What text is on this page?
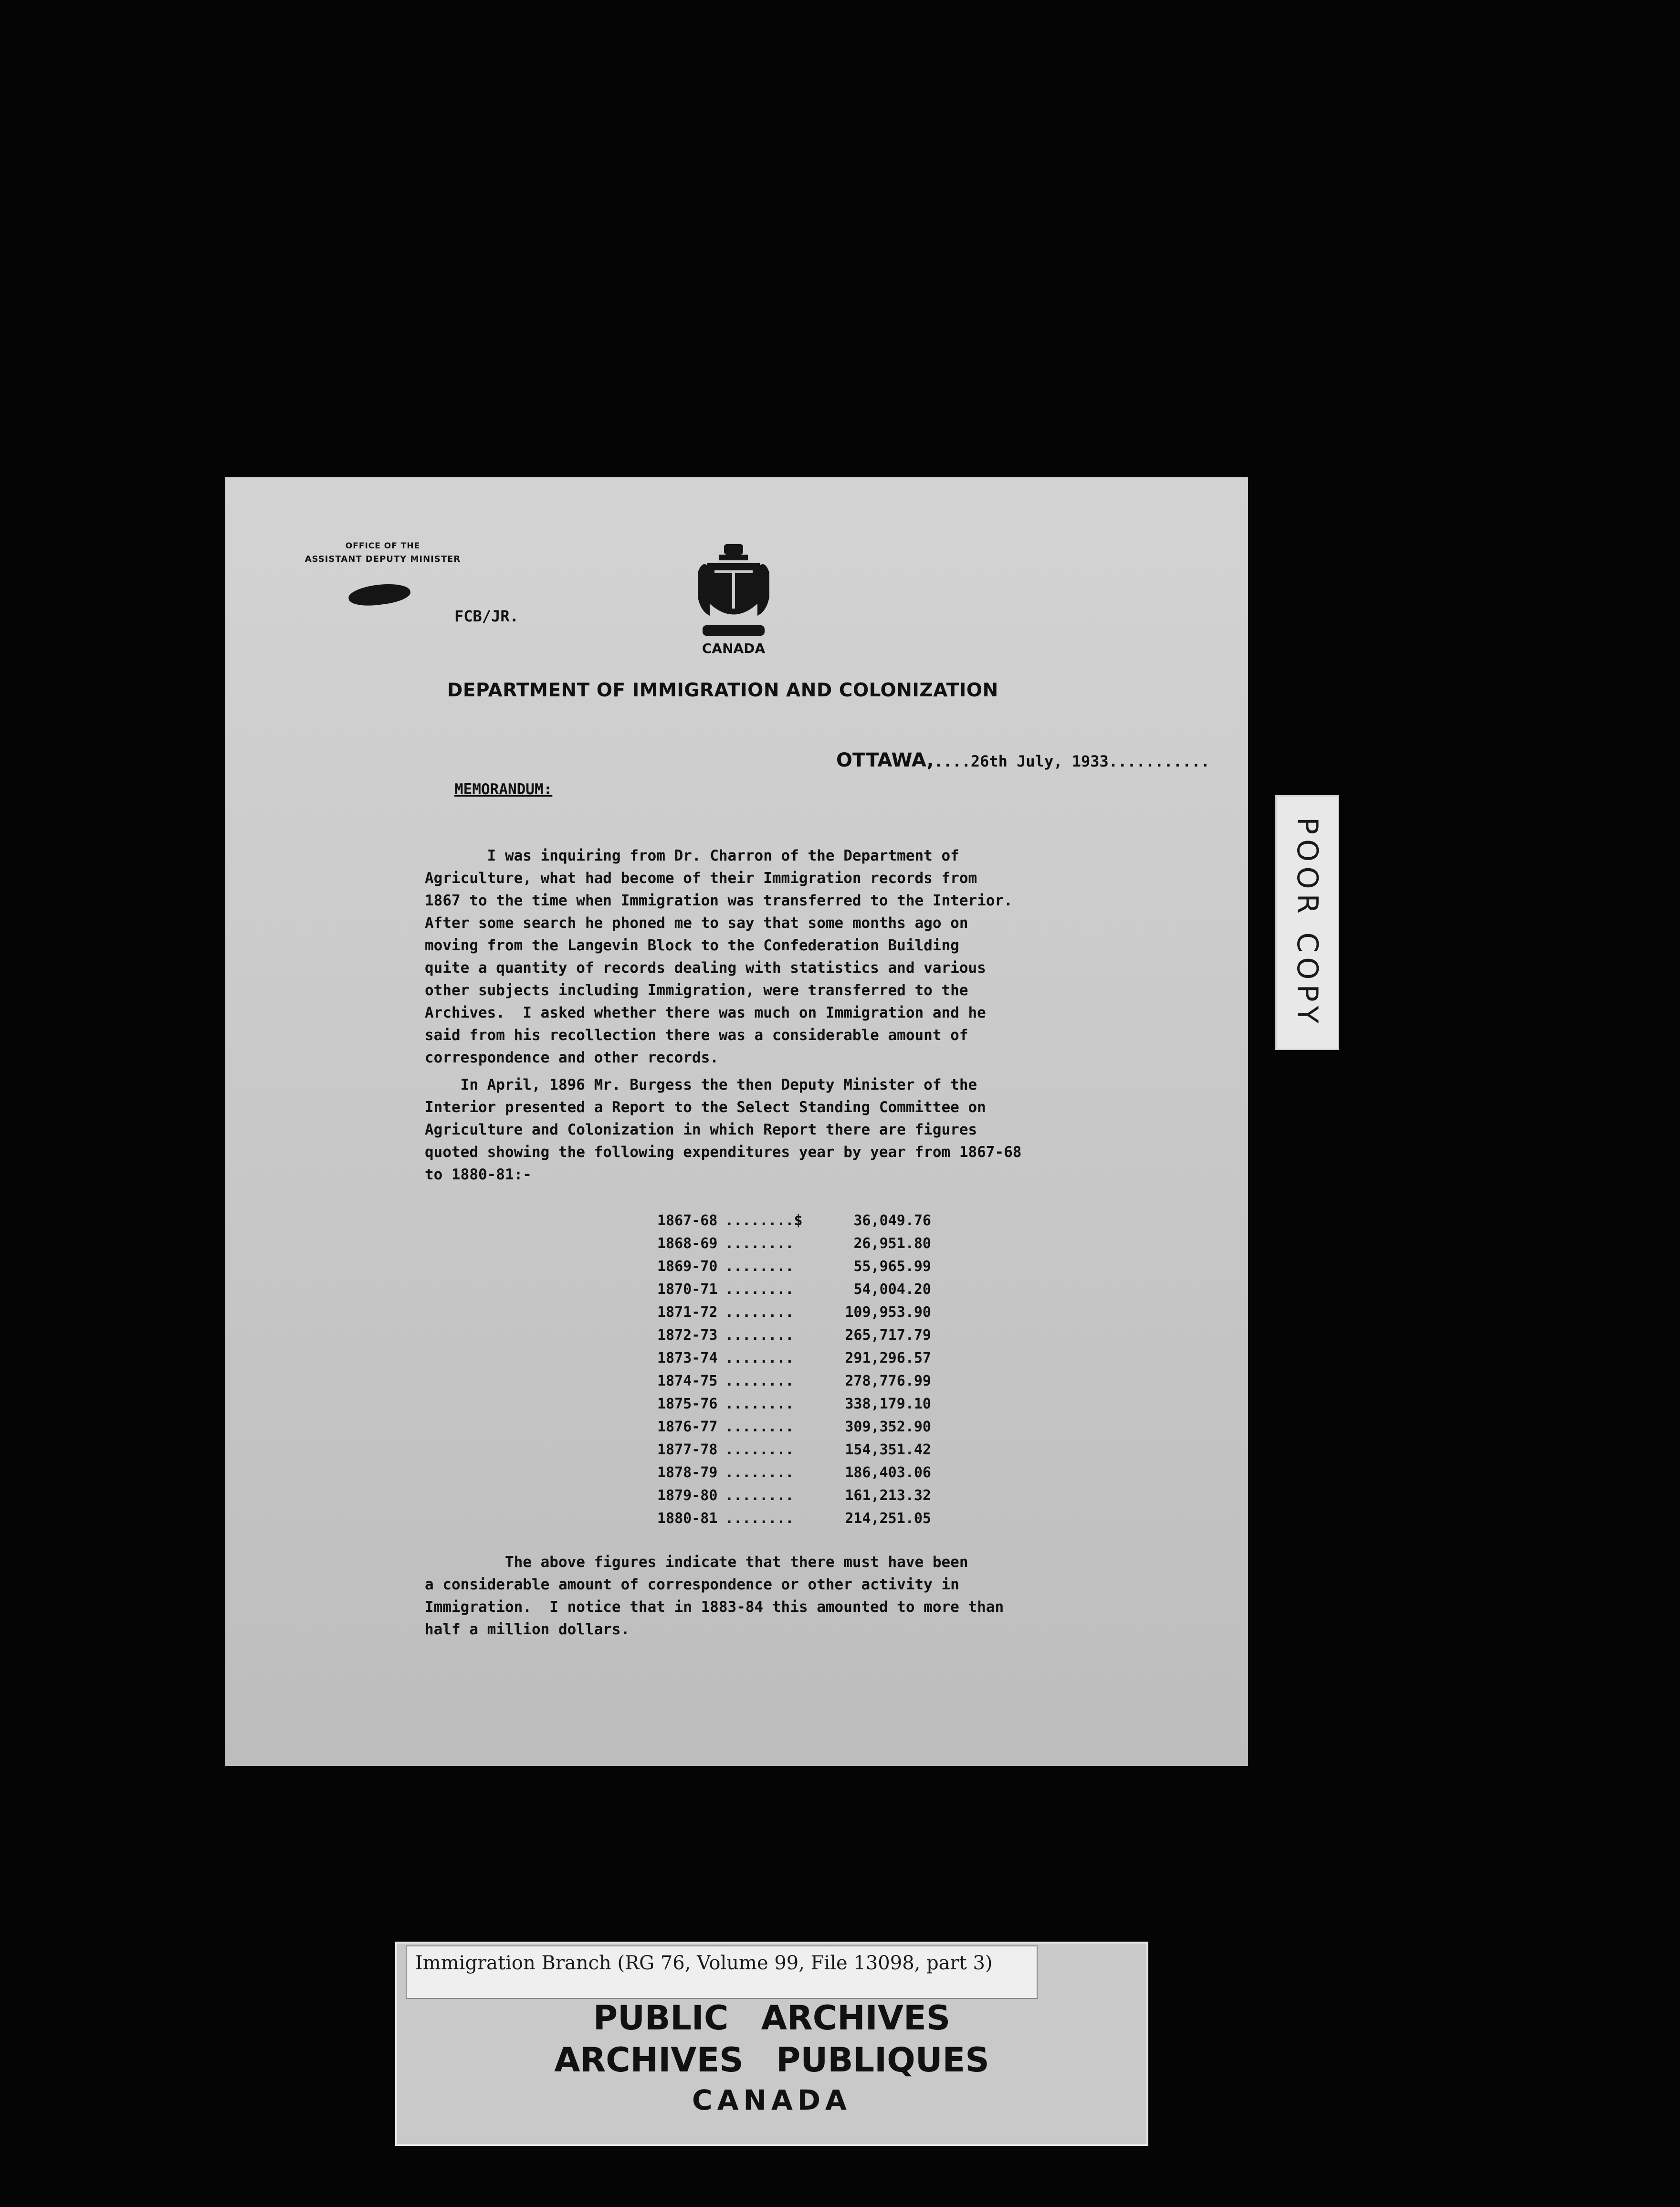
OFFICE OF THE
ASSISTANT DEPUTY MINISTER
FCB/JR.
CANADA
DEPARTMENT OF IMMIGRATION AND COLONIZATION
OTTAWA,....26th July, 1933...........
MEMORANDUM:
I was inquiring from Dr. Charron of the Department of
Agriculture, what had become of their Immigration records from
1867 to the time when Immigration was transferred to the Interior.
After some search he phoned me to say that some months ago on
moving from the Langevin Block to the Confederation Building
quite a quantity of records dealing with statistics and various
other subjects including Immigration, were transferred to the
Archives.  I asked whether there was much on Immigration and he
said from his recollection there was a considerable amount of
correspondence and other records.
In April, 1896 Mr. Burgess the then Deputy Minister of the
Interior presented a Report to the Select Standing Committee on
Agriculture and Colonization in which Report there are figures
quoted showing the following expenditures year by year from 1867-68
to 1880-81:-
1867-68 ........$	36,049.76
1868-69 ........	26,951.80
1869-70 ........	55,965.99
1870-71 ........	54,004.20
1871-72 ........	109,953.90
1872-73 ........	265,717.79
1873-74 ........	291,296.57
1874-75 ........	278,776.99
1875-76 ........	338,179.10
1876-77 ........	309,352.90
1877-78 ........	154,351.42
1878-79 ........	186,403.06
1879-80 ........	161,213.32
1880-81 ........	214,251.05
The above figures indicate that there must have been
a considerable amount of correspondence or other activity in
Immigration.  I notice that in 1883-84 this amounted to more than
half a million dollars.
POOR COPY
Immigration Branch (RG 76, Volume 99, File 13098, part 3)
PUBLIC ARCHIVES
ARCHIVES PUBLIQUES
CANADA
